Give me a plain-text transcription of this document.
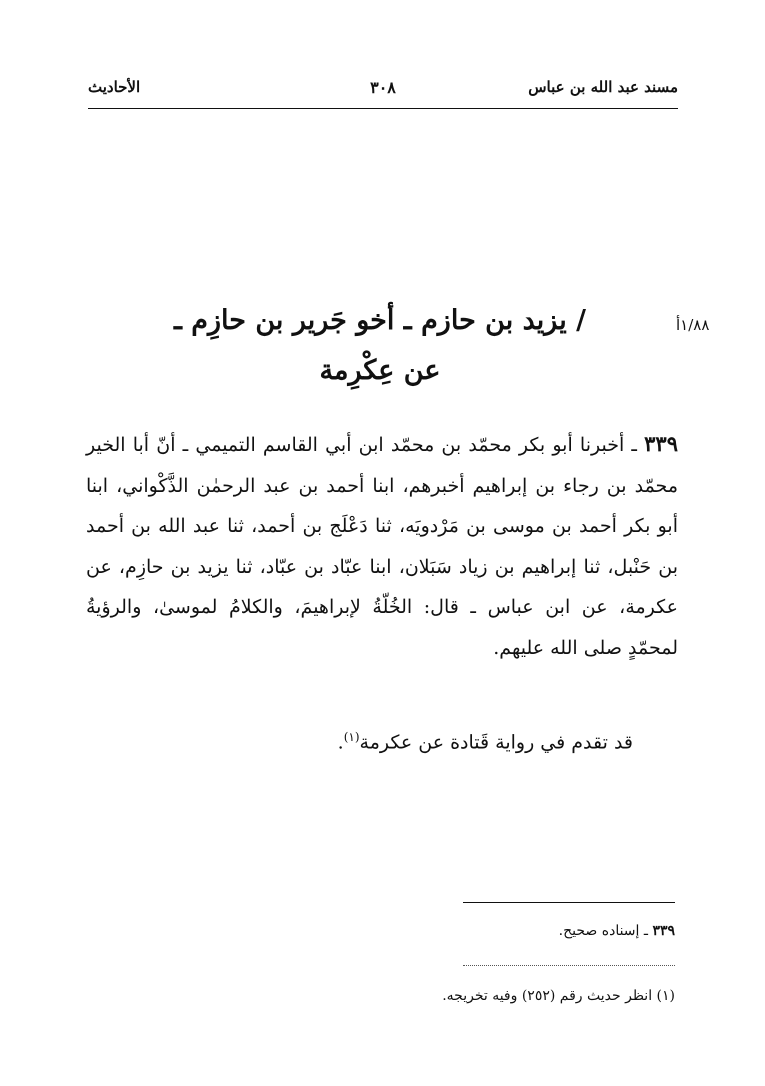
مسند عبد الله بن عباس
٣٠٨
الأحاديث
١/٨٨أ
/ يزيد بن حازم ـ أخو جَرير بن حازِم ـ
عن عِكْرِمة
٣٣٩ ـ أخبرنا أبو بكر محمّد بن محمّد ابن أبي القاسم التميمي ـ أنّ أبا الخير محمّد بن رجاء بن إبراهيم أخبرهم، ابنا أحمد بن عبد الرحمٰن الذَّكْواني، ابنا أبو بكر أحمد بن موسى بن مَرْدويَه، ثنا دَعْلَج بن أحمد، ثنا عبد الله بن أحمد بن حَنْبل، ثنا إبراهيم بن زياد سَبَلان، ابنا عبّاد بن عبّاد، ثنا يزيد بن حازِم، عن عكرمة، عن ابن عباس ـ قال: الخُلّةُ لإبراهيمَ، والكلامُ لموسىٰ، والرؤيةُ لمحمّدٍ صلى الله عليهم.
قد تقدم في رواية قَتادة عن عكرمة$^{(١)}$.
٣٣٩ ـ إسناده صحيح.
(١) انظر حديث رقم (٢٥٢) وفيه تخريجه.
